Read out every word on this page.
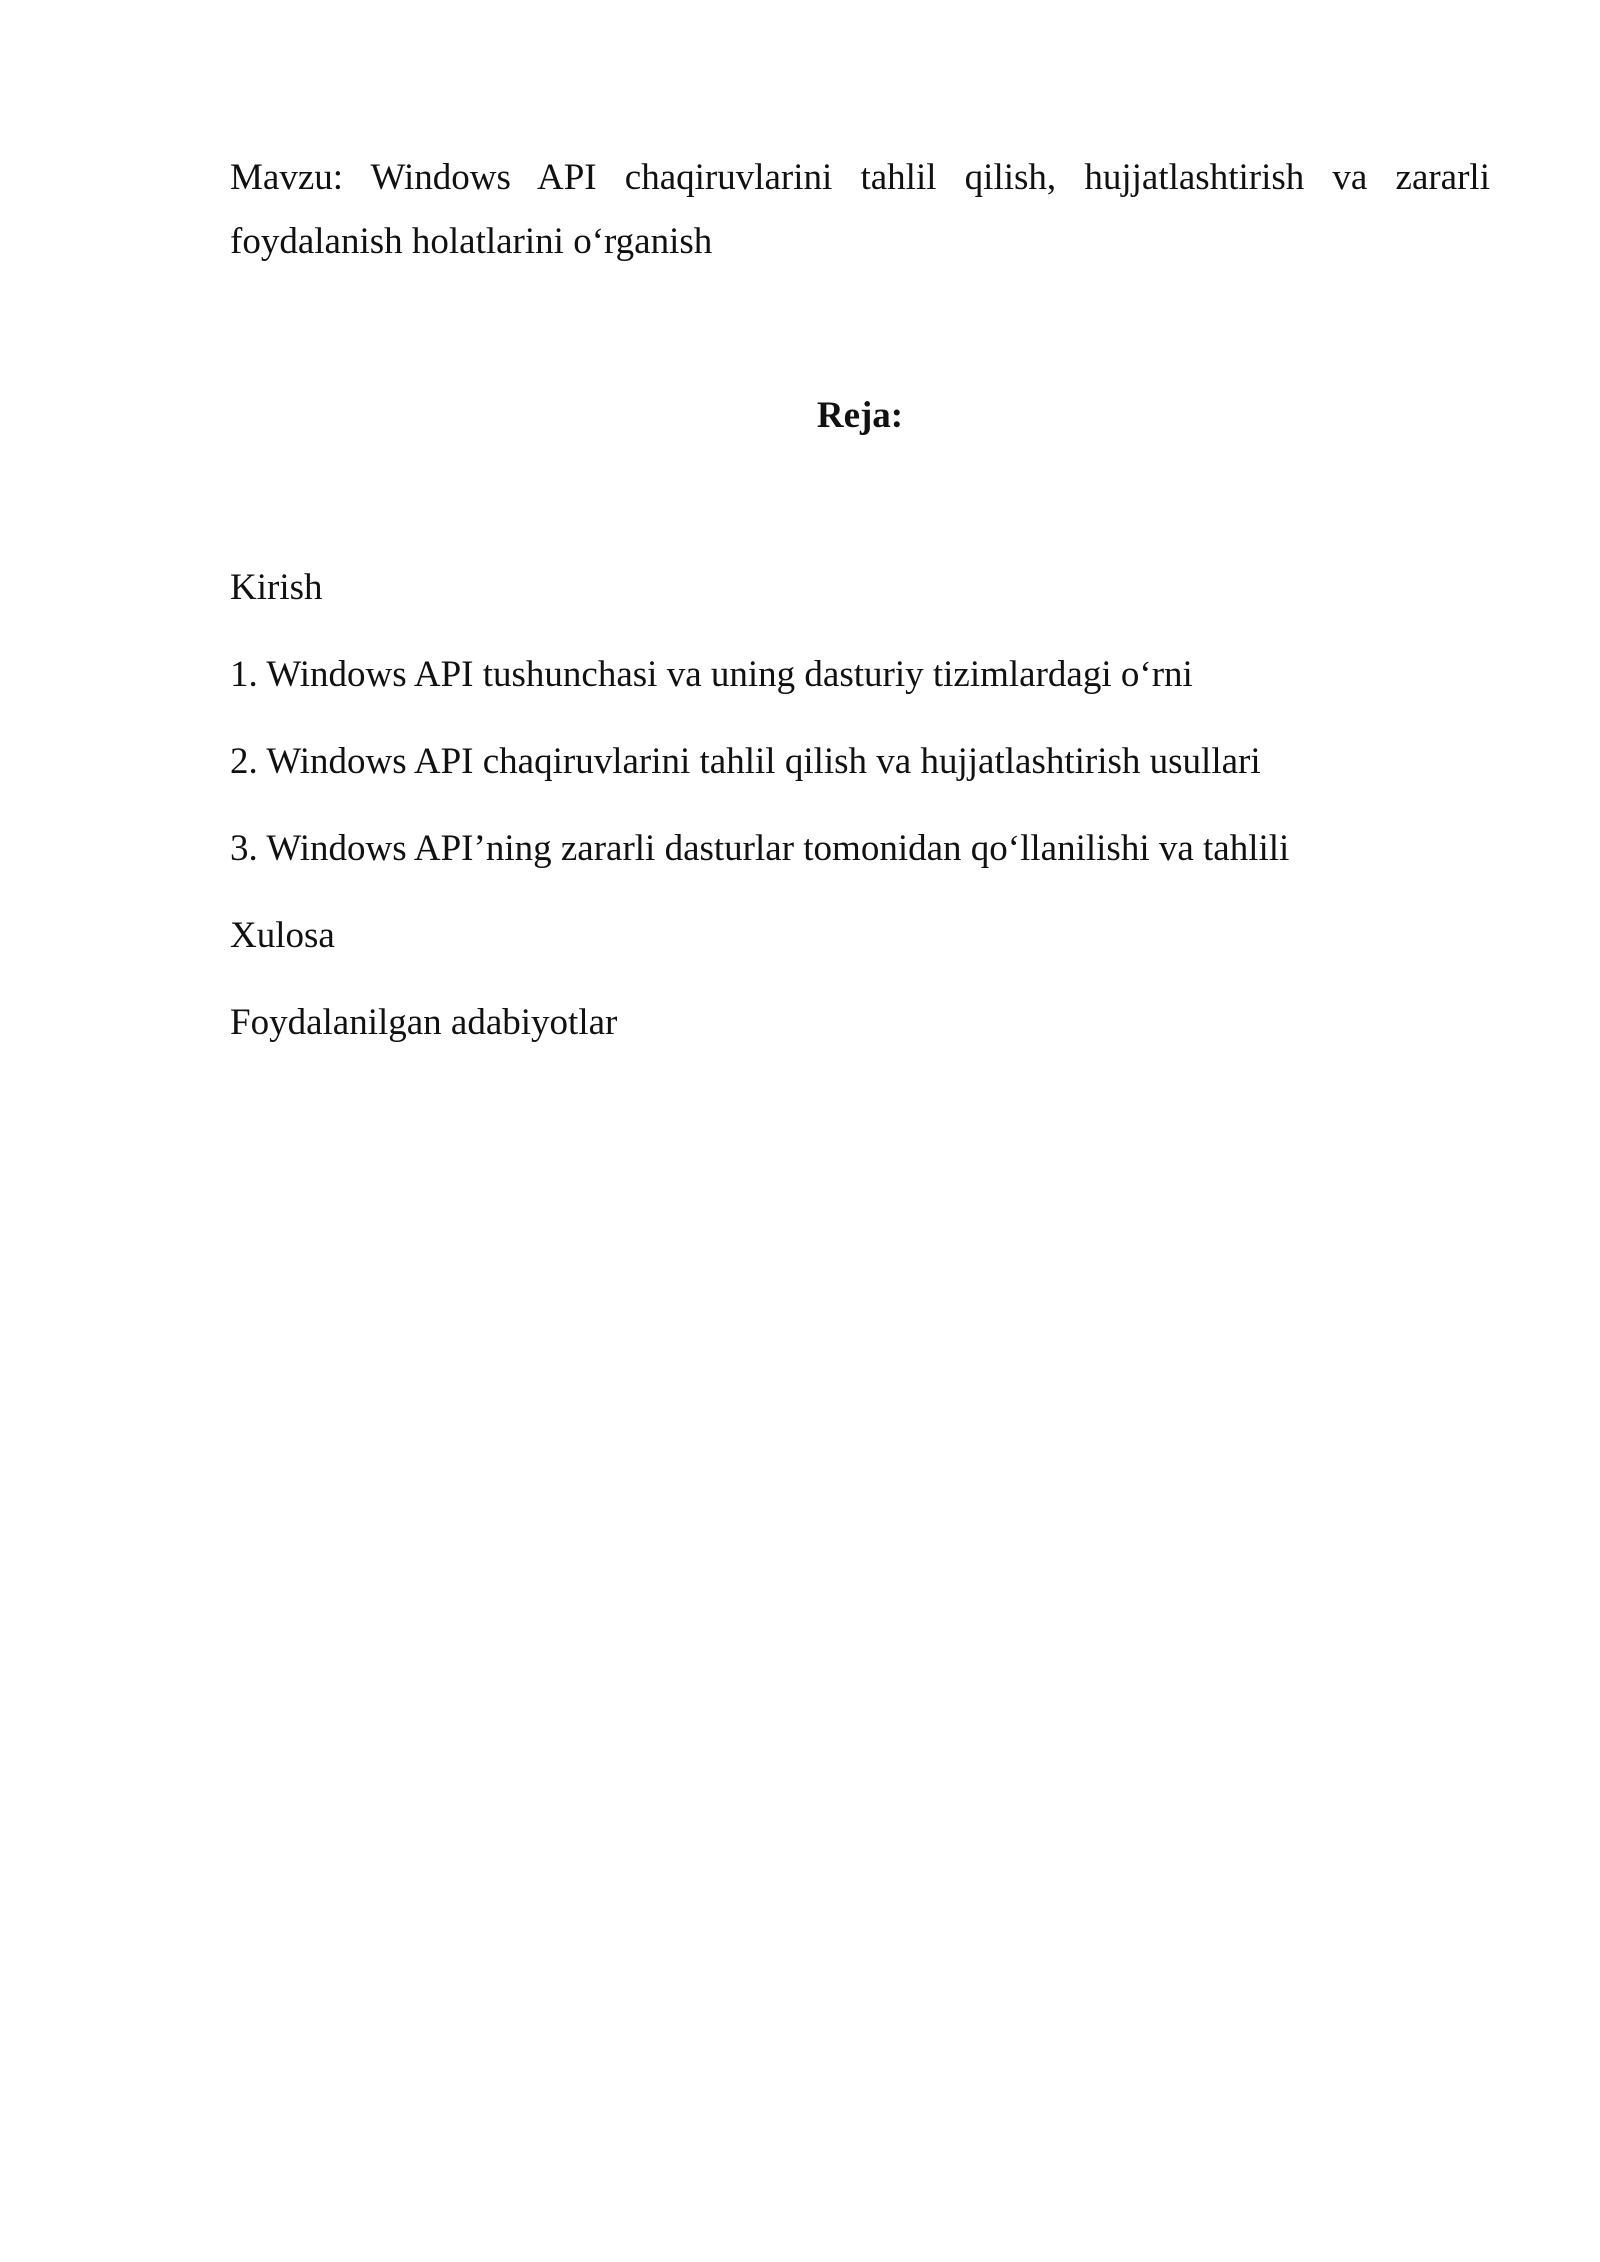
Mavzu: Windows API chaqiruvlarini tahlil qilish, hujjatlashtirish va zararli
foydalanish holatlarini o‘rganish
Reja:
Kirish
1. Windows API tushunchasi va uning dasturiy tizimlardagi o‘rni
2. Windows API chaqiruvlarini tahlil qilish va hujjatlashtirish usullari
3. Windows API’ning zararli dasturlar tomonidan qo‘llanilishi va tahlili
Xulosa
Foydalanilgan adabiyotlar
